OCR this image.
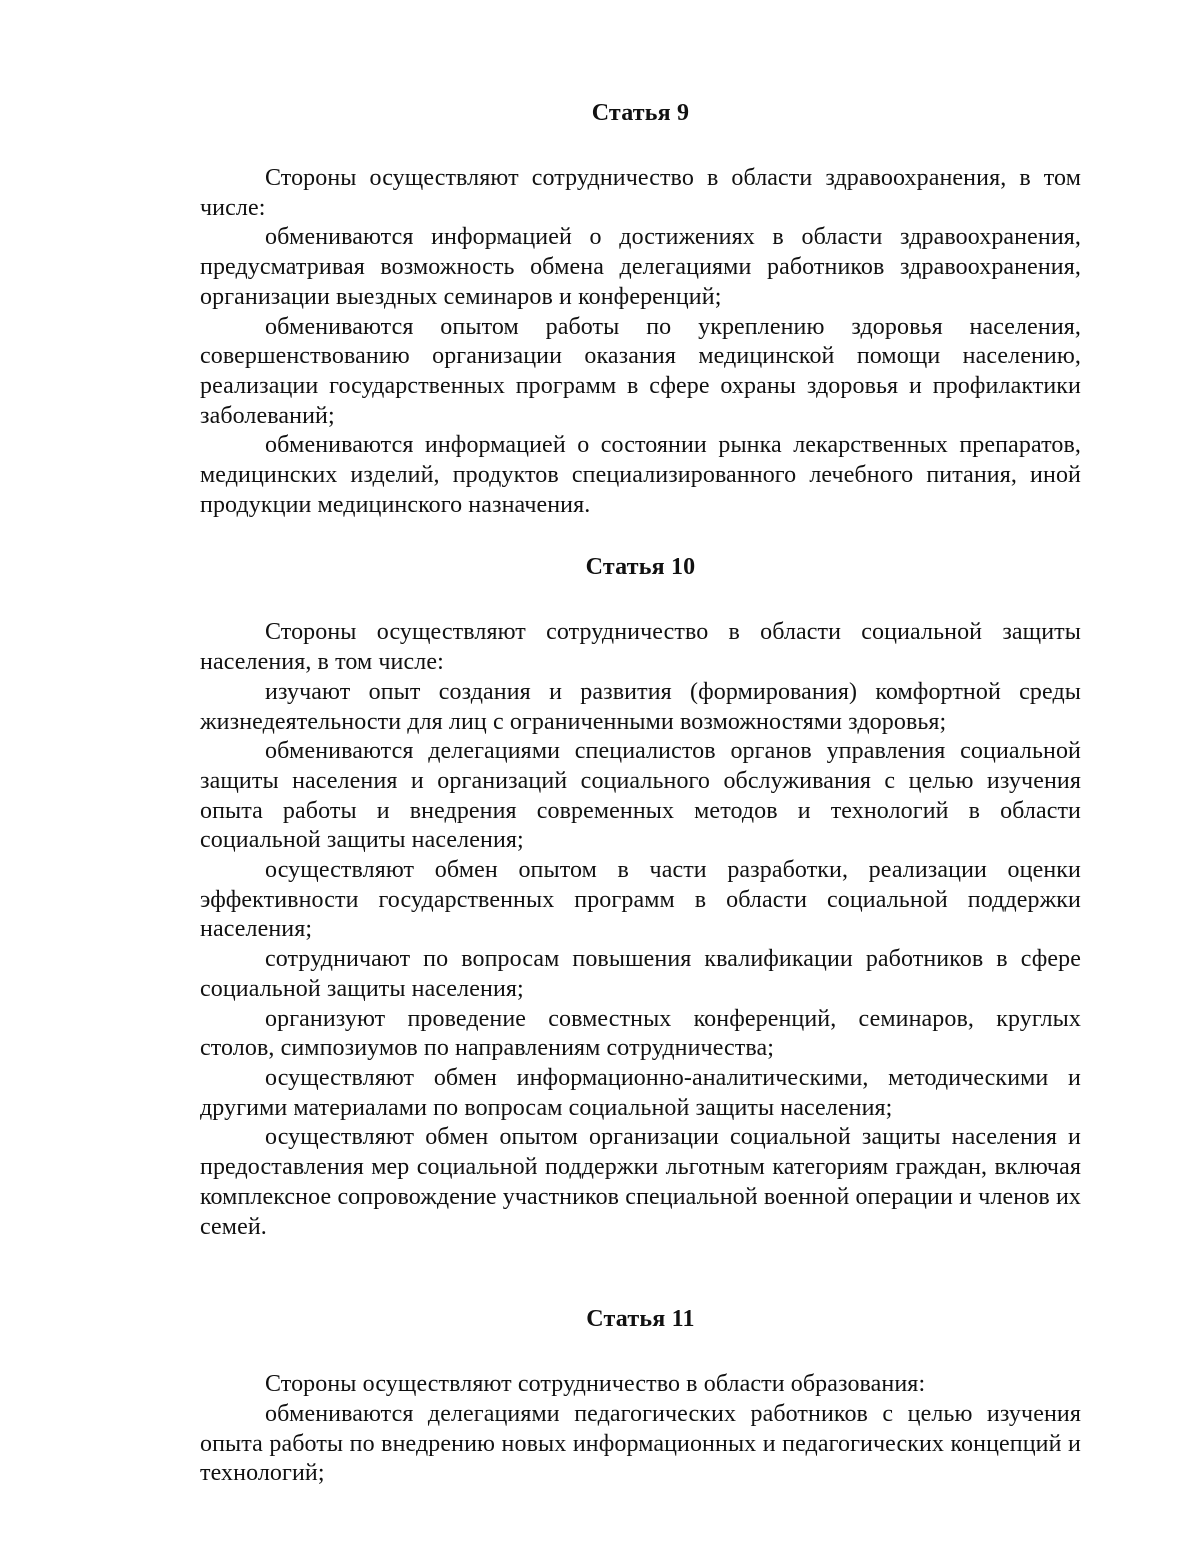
Статья 9

Стороны осуществляют сотрудничество в области здравоохранения, в том числе:

обмениваются информацией о достижениях в области здравоохранения, предусматривая возможность обмена делегациями работников здравоохранения, организации выездных семинаров и конференций;

обмениваются опытом работы по укреплению здоровья населения, совершенствованию организации оказания медицинской помощи населению, реализации государственных программ в сфере охраны здоровья и профилактики заболеваний;

обмениваются информацией о состоянии рынка лекарственных препаратов, медицинских изделий, продуктов специализированного лечебного питания, иной продукции медицинского назначения.

Статья 10

Стороны осуществляют сотрудничество в области социальной защиты населения, в том числе:

изучают опыт создания и развития (формирования) комфортной среды жизнедеятельности для лиц с ограниченными возможностями здоровья;

обмениваются делегациями специалистов органов управления социальной защиты населения и организаций социального обслуживания с целью изучения опыта работы и внедрения современных методов и технологий в области социальной защиты населения;

осуществляют обмен опытом в части разработки, реализации оценки эффективности государственных программ в области социальной поддержки населения;

сотрудничают по вопросам повышения квалификации работников в сфере социальной защиты населения;

организуют проведение совместных конференций, семинаров, круглых столов, симпозиумов по направлениям сотрудничества;

осуществляют обмен информационно-аналитическими, методическими и другими материалами по вопросам социальной защиты населения;

осуществляют обмен опытом организации социальной защиты населения и предоставления мер социальной поддержки льготным категориям граждан, включая комплексное сопровождение участников специальной военной операции и членов их семей.

Статья 11

Стороны осуществляют сотрудничество в области образования:

обмениваются делегациями педагогических работников с целью изучения опыта работы по внедрению новых информационных и педагогических концепций и технологий;
